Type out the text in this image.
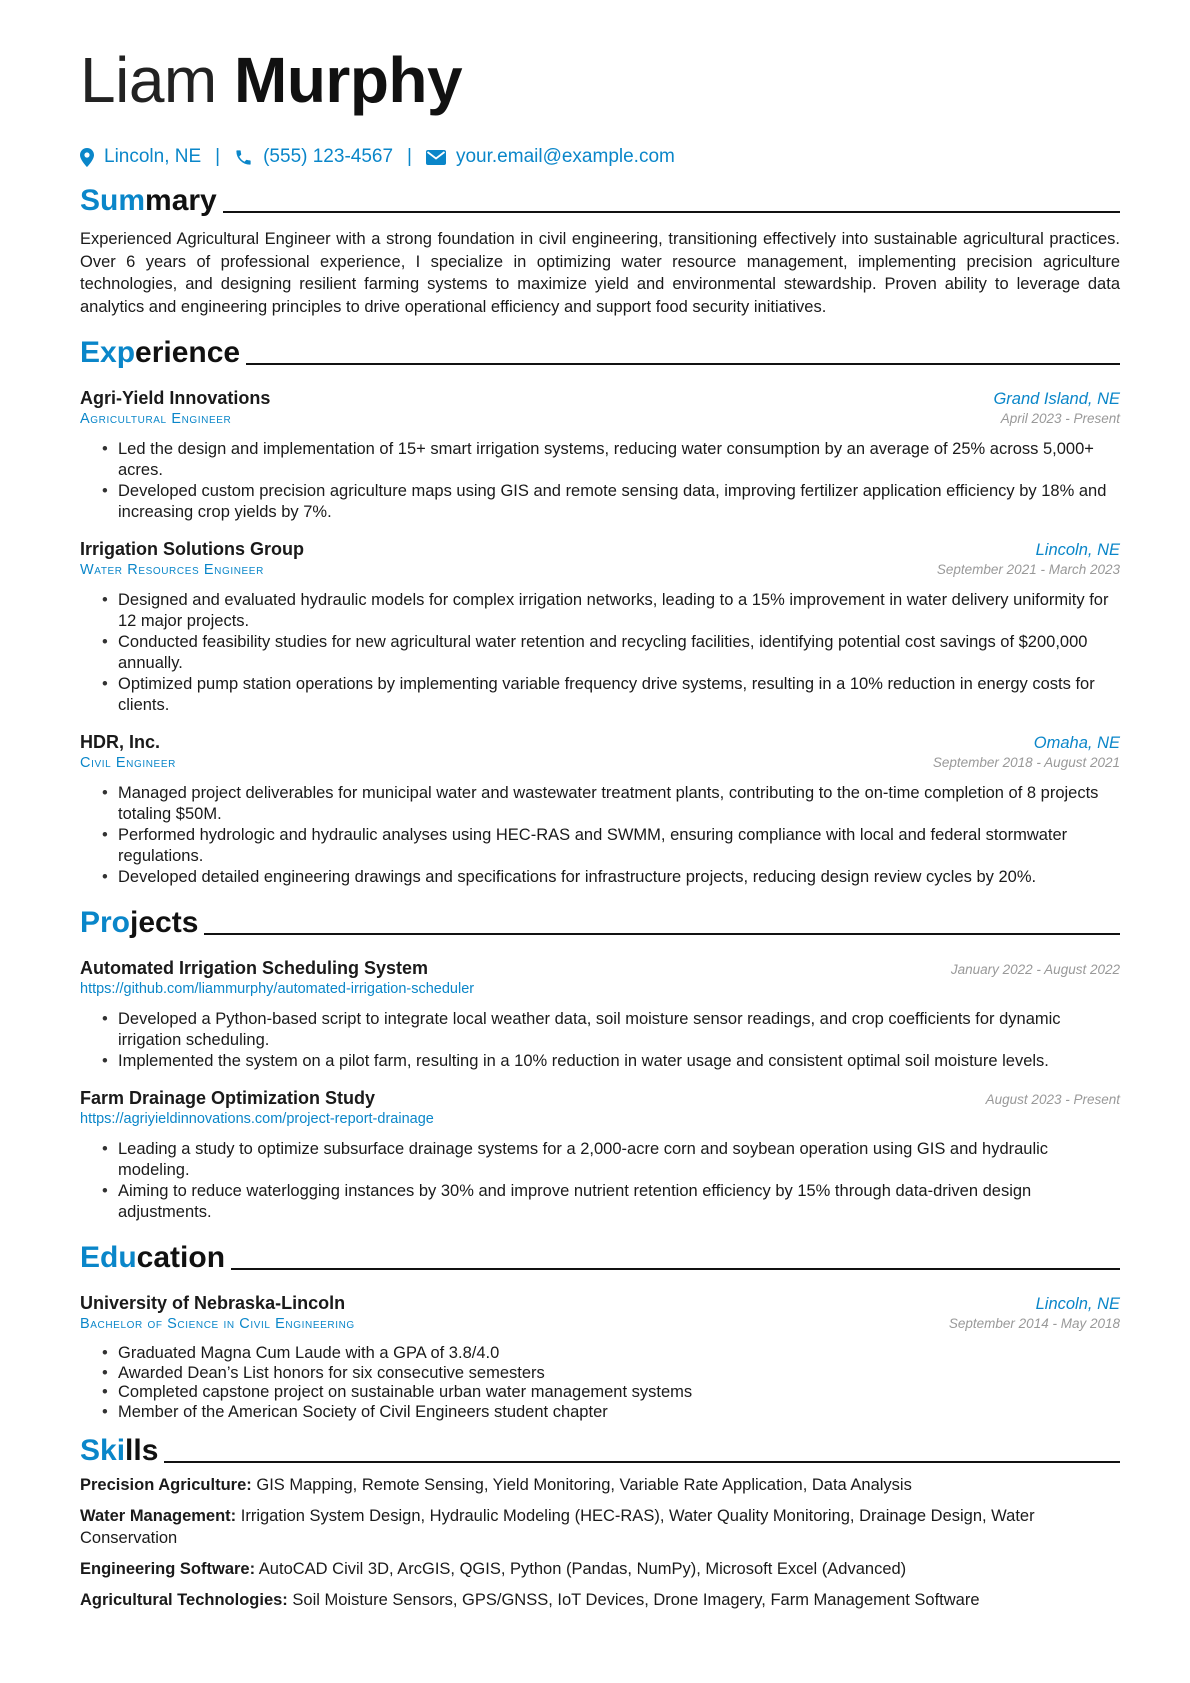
Liam Murphy
Lincoln, NE | (555) 123-4567 | your.email@example.com
Summary
Experienced Agricultural Engineer with a strong foundation in civil engineering, transitioning effectively into sustainable agricultural practices. Over 6 years of professional experience, I specialize in optimizing water resource management, implementing precision agriculture technologies, and designing resilient farming systems to maximize yield and environmental stewardship. Proven ability to leverage data analytics and engineering principles to drive operational efficiency and support food security initiatives.
Experience
Agri-Yield Innovations	Grand Island, NE
Agricultural Engineer	April 2023 - Present
• Led the design and implementation of 15+ smart irrigation systems, reducing water consumption by an average of 25% across 5,000+ acres.
• Developed custom precision agriculture maps using GIS and remote sensing data, improving fertilizer application efficiency by 18% and increasing crop yields by 7%.
Irrigation Solutions Group	Lincoln, NE
Water Resources Engineer	September 2021 - March 2023
• Designed and evaluated hydraulic models for complex irrigation networks, leading to a 15% improvement in water delivery uniformity for 12 major projects.
• Conducted feasibility studies for new agricultural water retention and recycling facilities, identifying potential cost savings of $200,000 annually.
• Optimized pump station operations by implementing variable frequency drive systems, resulting in a 10% reduction in energy costs for clients.
HDR, Inc.	Omaha, NE
Civil Engineer	September 2018 - August 2021
• Managed project deliverables for municipal water and wastewater treatment plants, contributing to the on-time completion of 8 projects totaling $50M.
• Performed hydrologic and hydraulic analyses using HEC-RAS and SWMM, ensuring compliance with local and federal stormwater regulations.
• Developed detailed engineering drawings and specifications for infrastructure projects, reducing design review cycles by 20%.
Projects
Automated Irrigation Scheduling System	January 2022 - August 2022
https://github.com/liammurphy/automated-irrigation-scheduler
• Developed a Python-based script to integrate local weather data, soil moisture sensor readings, and crop coefficients for dynamic irrigation scheduling.
• Implemented the system on a pilot farm, resulting in a 10% reduction in water usage and consistent optimal soil moisture levels.
Farm Drainage Optimization Study	August 2023 - Present
https://agriyieldinnovations.com/project-report-drainage
• Leading a study to optimize subsurface drainage systems for a 2,000-acre corn and soybean operation using GIS and hydraulic modeling.
• Aiming to reduce waterlogging instances by 30% and improve nutrient retention efficiency by 15% through data-driven design adjustments.
Education
University of Nebraska-Lincoln	Lincoln, NE
Bachelor of Science in Civil Engineering	September 2014 - May 2018
• Graduated Magna Cum Laude with a GPA of 3.8/4.0
• Awarded Dean’s List honors for six consecutive semesters
• Completed capstone project on sustainable urban water management systems
• Member of the American Society of Civil Engineers student chapter
Skills
Precision Agriculture: GIS Mapping, Remote Sensing, Yield Monitoring, Variable Rate Application, Data Analysis
Water Management: Irrigation System Design, Hydraulic Modeling (HEC-RAS), Water Quality Monitoring, Drainage Design, Water Conservation
Engineering Software: AutoCAD Civil 3D, ArcGIS, QGIS, Python (Pandas, NumPy), Microsoft Excel (Advanced)
Agricultural Technologies: Soil Moisture Sensors, GPS/GNSS, IoT Devices, Drone Imagery, Farm Management Software
